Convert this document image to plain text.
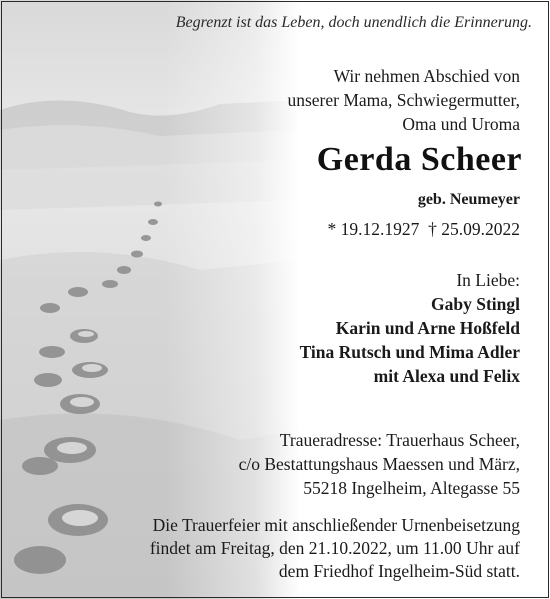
Begrenzt ist das Leben, doch unendlich die Erinnerung.
Wir nehmen Abschied von
unserer Mama, Schwiegermutter,
Oma und Uroma
Gerda Scheer
geb. Neumeyer
* 19.12.1927  † 25.09.2022
In Liebe:
Gaby Stingl
Karin und Arne Hoßfeld
Tina Rutsch und Mima Adler
mit Alexa und Felix
Traueradresse: Trauerhaus Scheer,
c/o Bestattungshaus Maessen und März,
55218 Ingelheim, Altegasse 55
Die Trauerfeier mit anschließender Urnenbeisetzung
findet am Freitag, den 21.10.2022, um 11.00 Uhr auf
dem Friedhof Ingelheim-Süd statt.
